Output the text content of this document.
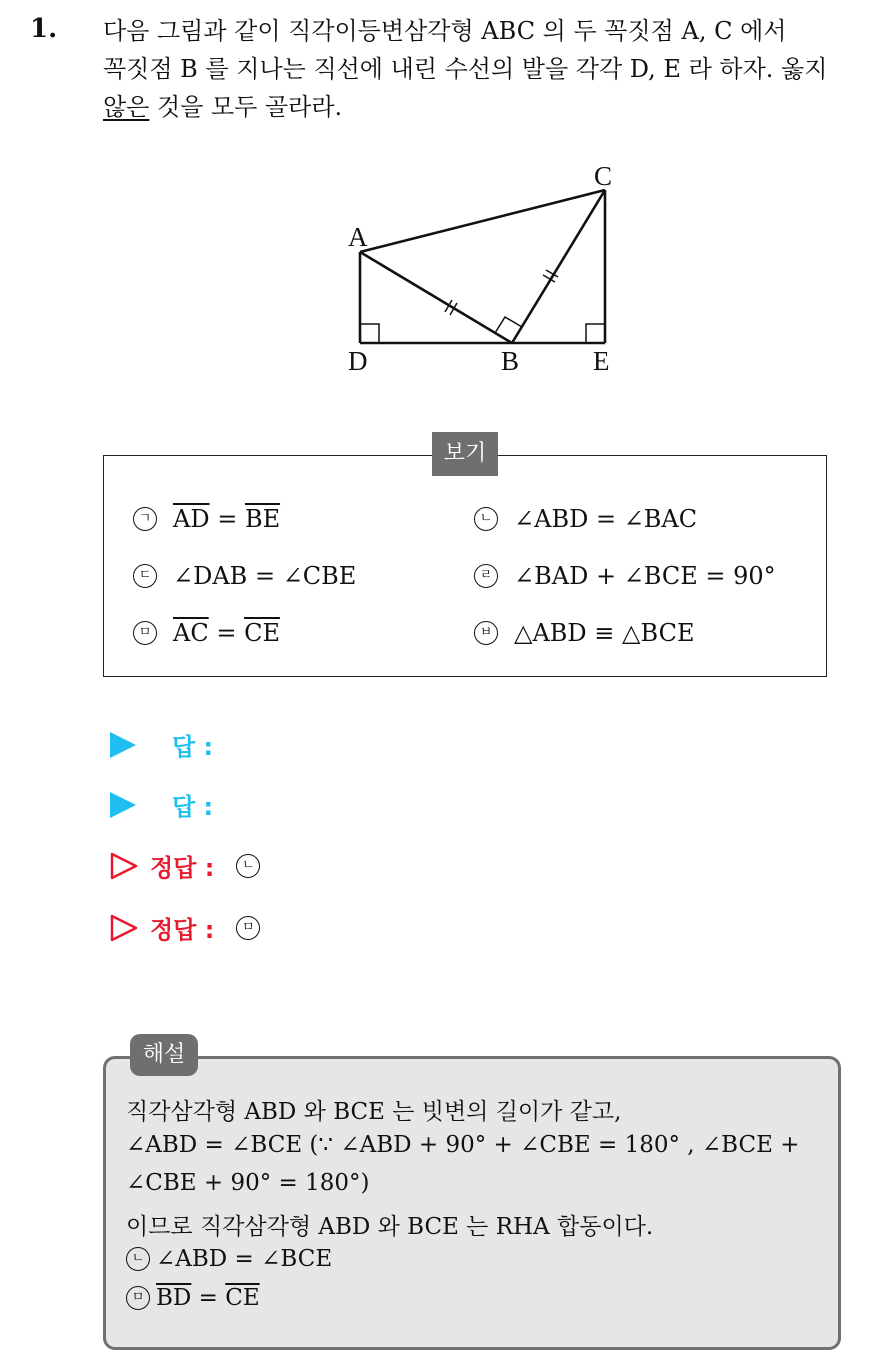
1. 다음 그림과 같이 직각이등변삼각형 ABC 의 두 꼭짓점 A, C 에서
꼭짓점 B 를 지나는 직선에 내린 수선의 발을 각각 D, E 라 하자. 옳지
않은 것을 모두 골라라.
A
C
D	B	E
보기
ㄱ $\overline{AD} = \overline{BE}$	ㄴ ∠ABD = ∠BAC
ㄷ ∠DAB = ∠CBE	ㄹ ∠BAD + ∠BCE = 90°
ㅁ $\overline{AC} = \overline{CE}$	ㅂ △ABD ≡ △BCE
답 :
답 :
정답 :	ㄴ
정답 :	ㅁ
해설
직각삼각형 ABD 와 BCE 는 빗변의 길이가 같고,
∠ABD = ∠BCE (∵ ∠ABD + 90° + ∠CBE = 180° , ∠BCE +
∠CBE + 90° = 180°)
이므로 직각삼각형 ABD 와 BCE 는 RHA 합동이다.
ㄴ ∠ABD = ∠BCE
ㅁ $\overline{BD} = \overline{CE}$
